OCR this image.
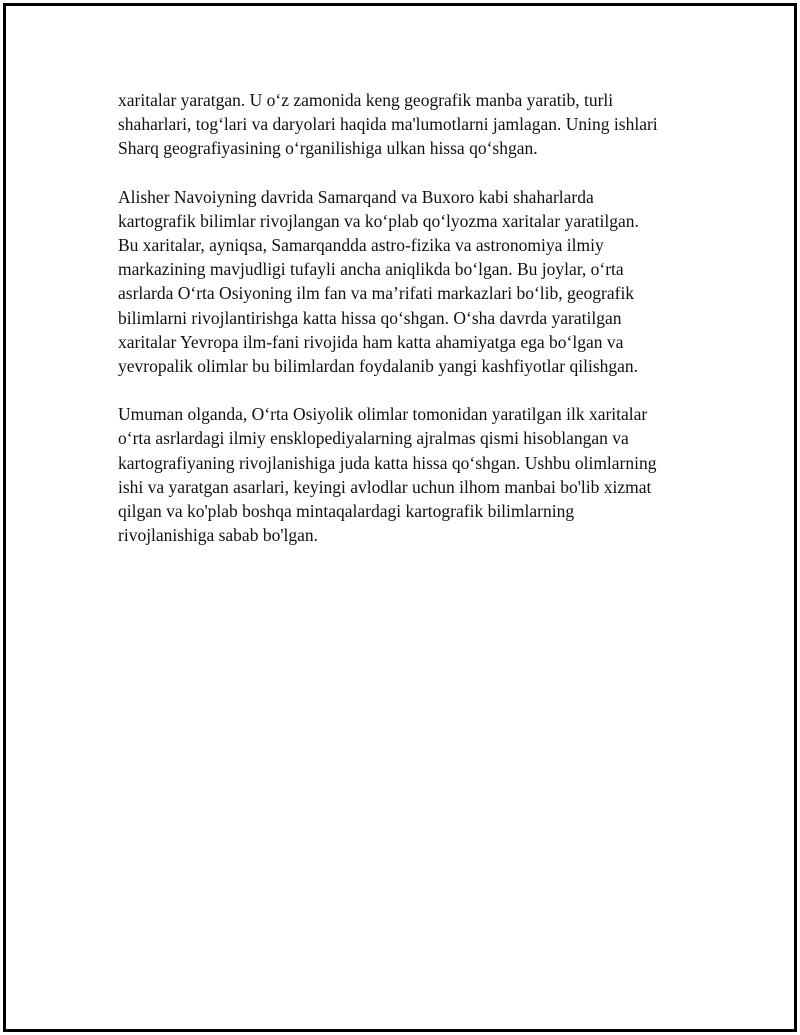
xaritalar yaratgan. U o‘z zamonida keng geografik manba yaratib, turli
shaharlari, tog‘lari va daryolari haqida ma'lumotlarni jamlagan. Uning ishlari
Sharq geografiyasining o‘rganilishiga ulkan hissa qo‘shgan.

Alisher Navoiyning davrida Samarqand va Buxoro kabi shaharlarda
kartografik bilimlar rivojlangan va ko‘plab qo‘lyozma xaritalar yaratilgan.
Bu xaritalar, ayniqsa, Samarqandda astro-fizika va astronomiya ilmiy
markazining mavjudligi tufayli ancha aniqlikda bo‘lgan. Bu joylar, o‘rta
asrlarda O‘rta Osiyoning ilm fan va ma’rifati markazlari bo‘lib, geografik
bilimlarni rivojlantirishga katta hissa qo‘shgan. O‘sha davrda yaratilgan
xaritalar Yevropa ilm-fani rivojida ham katta ahamiyatga ega bo‘lgan va
yevropalik olimlar bu bilimlardan foydalanib yangi kashfiyotlar qilishgan.

Umuman olganda, O‘rta Osiyolik olimlar tomonidan yaratilgan ilk xaritalar
o‘rta asrlardagi ilmiy ensklopediyalarning ajralmas qismi hisoblangan va
kartografiyaning rivojlanishiga juda katta hissa qo‘shgan. Ushbu olimlarning
ishi va yaratgan asarlari, keyingi avlodlar uchun ilhom manbai bo'lib xizmat
qilgan va ko'plab boshqa mintaqalardagi kartografik bilimlarning
rivojlanishiga sabab bo'lgan.
